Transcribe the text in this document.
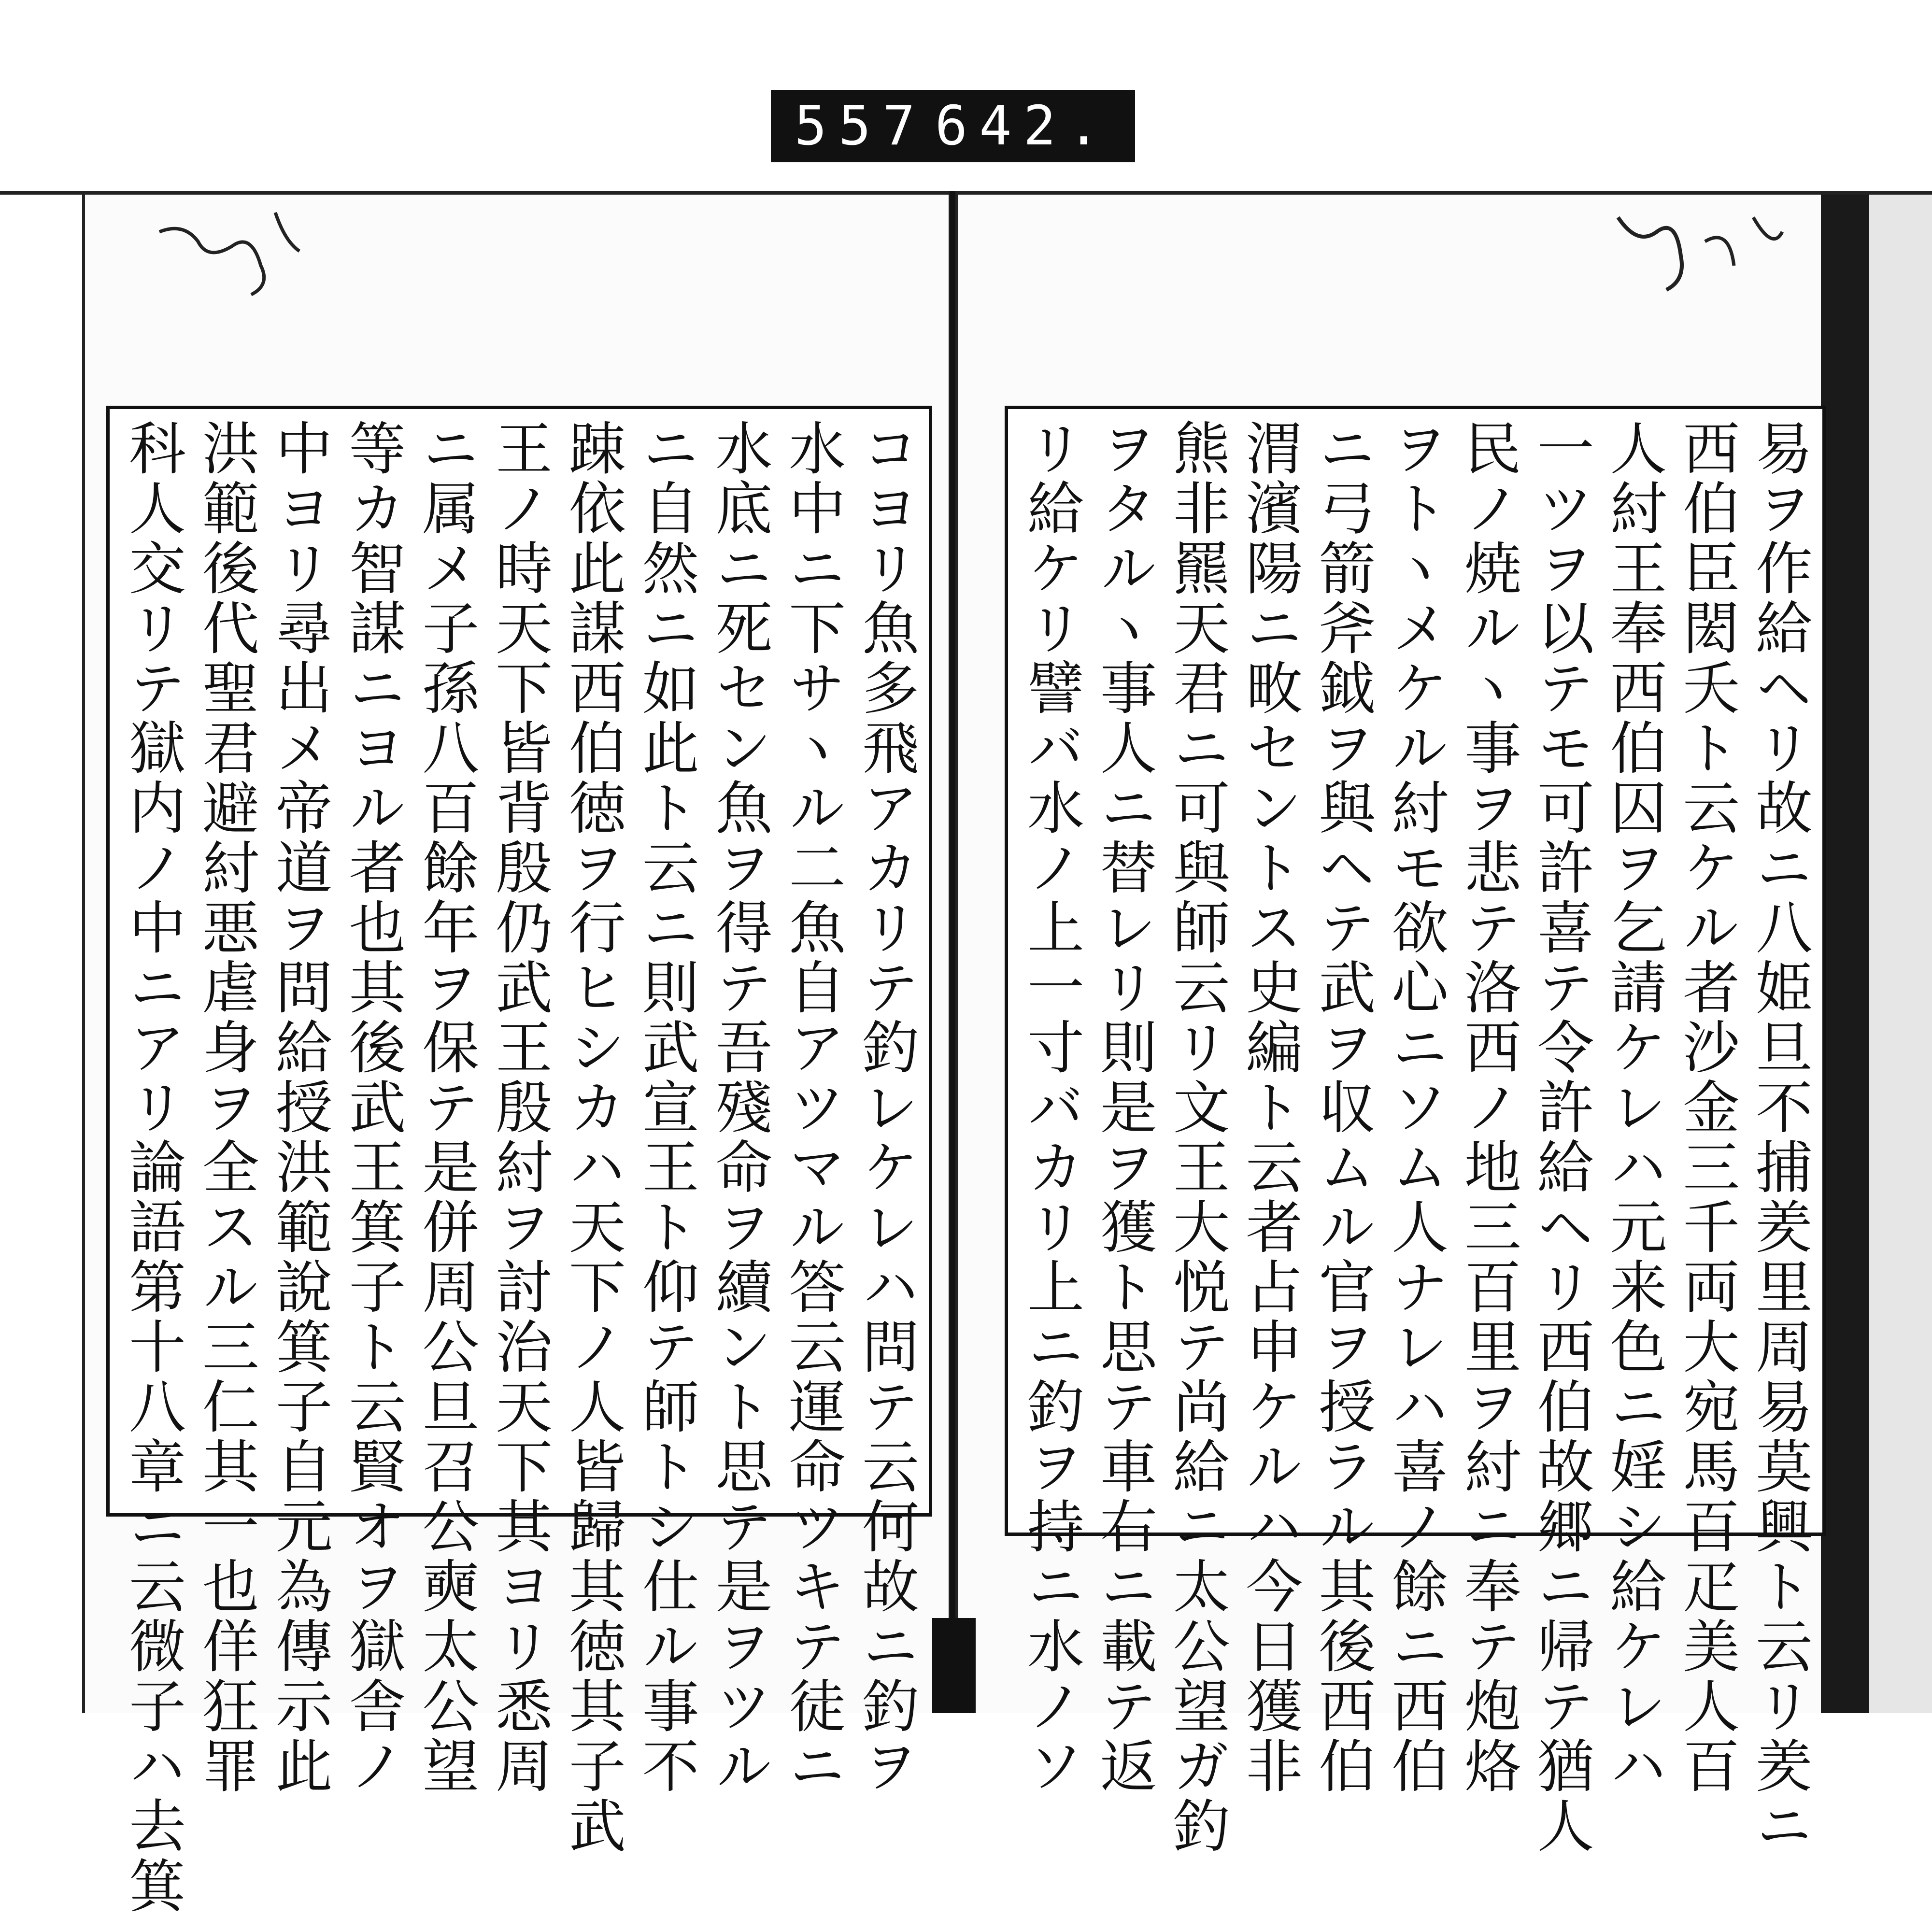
557 642.
易ヲ作給ヘリ故ニ八姫旦不捕羑里周易莫興ト云リ羑ニ
西伯臣閎夭ト云ケル者沙金三千両大宛馬百疋美人百
人紂王奉西伯囚ヲ乞請ケレハ元来色ニ婬シ給ケレハ
一ツヲ以テモ可許喜テ令許給ヘリ西伯故郷ニ帰テ猶人
民ノ焼ルヽ事ヲ悲テ洛西ノ地三百里ヲ紂ニ奉テ炮烙
ヲトヽメケル紂モ欲心ニソム人ナレハ喜ノ餘ニ西伯
ニ弓箭斧鉞ヲ與ヘテ武ヲ収ムル官ヲ授ラル其後西伯
渭濱陽ニ畋セントス史編ト云者占申ケルハ今日獲非
熊非羆天君ニ可與師云リ文王大悦テ尚給ニ太公望ガ釣
ヲタルヽ事人ニ替レリ則是ヲ獲ト思テ車右ニ載テ返
リ給ケリ譬バ水ノ上一寸バカリ上ニ釣ヲ持ニ水ノソ
コヨリ魚多飛アカリテ釣レケレハ問テ云何故ニ釣ヲ
水中ニ下サヽル二魚自アツマル答云運命ツキテ徒ニ
水底ニ死セン魚ヲ得テ吾殘命ヲ續ント思テ是ヲツル
ニ自然ニ如此ト云ニ則武宣王ト仰テ師トシ仕ル事不
踈依此謀西伯徳ヲ行ヒシカハ天下ノ人皆歸其徳其子武
王ノ時天下皆背殷仍武王殷紂ヲ討治天下其ヨリ悉周
ニ属メ子孫八百餘年ヲ保テ是併周公旦召公奭太公望
等カ智謀ニヨル者也其後武王箕子ト云賢オヲ獄舎ノ
中ヨリ尋出メ帝道ヲ問給授洪範說箕子自元為傳示此
洪範後代聖君避紂悪虐身ヲ全スル三仁其一也佯狂罪
科人交リテ獄内ノ中ニアリ論語第十八章ニ云微子ハ去箕
